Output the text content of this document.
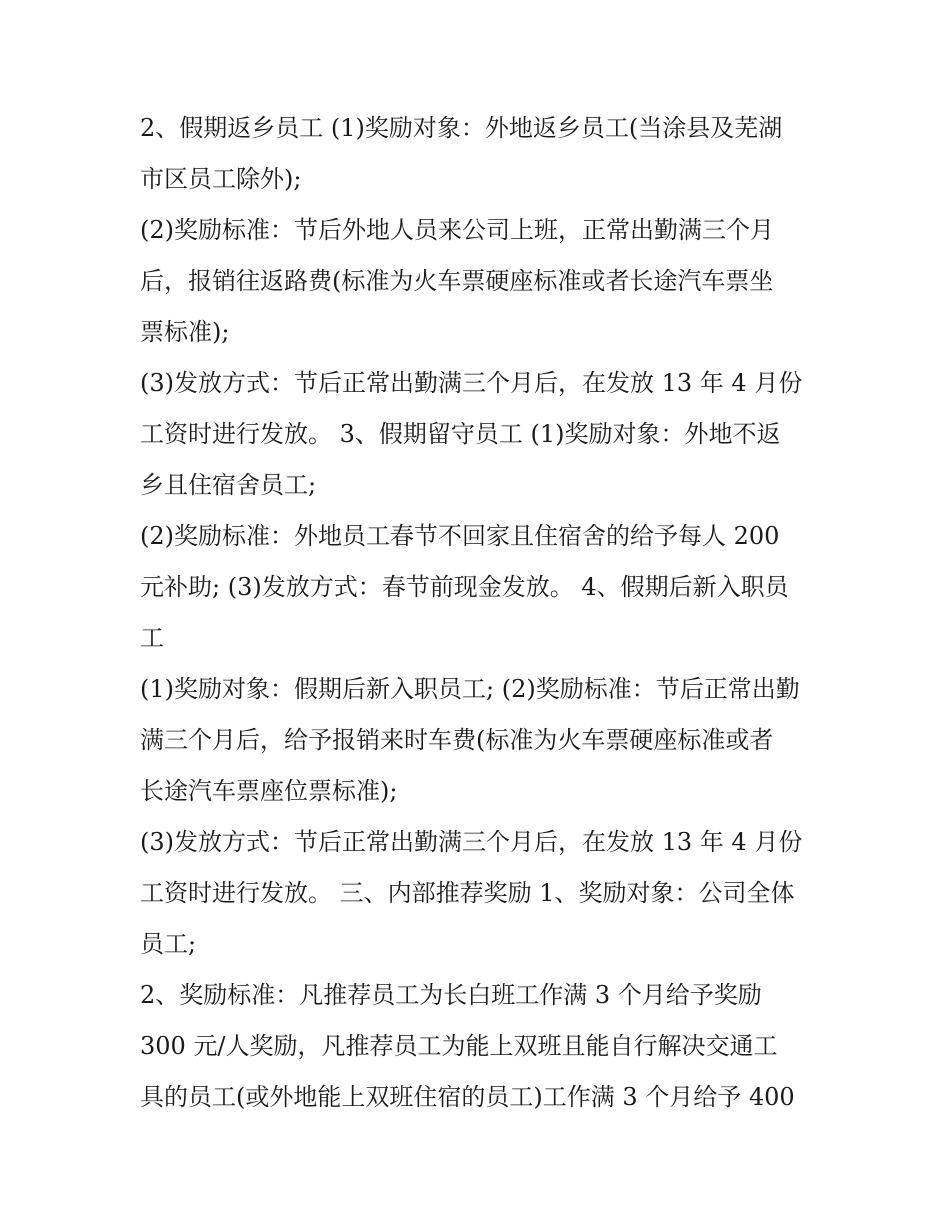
2、假期返乡员工 (1)奖励对象：外地返乡员工(当涂县及芜湖
市区员工除外);

(2)奖励标准：节后外地人员来公司上班，正常出勤满三个月
后，报销往返路费(标准为火车票硬座标准或者长途汽车票坐
票标准);

(3)发放方式：节后正常出勤满三个月后，在发放 13 年 4 月份
工资时进行发放。 3、假期留守员工 (1)奖励对象：外地不返
乡且住宿舍员工;

(2)奖励标准：外地员工春节不回家且住宿舍的给予每人 200
元补助; (3)发放方式：春节前现金发放。 4、假期后新入职员
工

(1)奖励对象：假期后新入职员工; (2)奖励标准：节后正常出勤
满三个月后，给予报销来时车费(标准为火车票硬座标准或者
长途汽车票座位票标准);

(3)发放方式：节后正常出勤满三个月后，在发放 13 年 4 月份
工资时进行发放。 三、内部推荐奖励 1、奖励对象：公司全体
员工;

2、奖励标准：凡推荐员工为长白班工作满 3 个月给予奖励
300 元/人奖励，凡推荐员工为能上双班且能自行解决交通工
具的员工(或外地能上双班住宿的员工)工作满 3 个月给予 400
